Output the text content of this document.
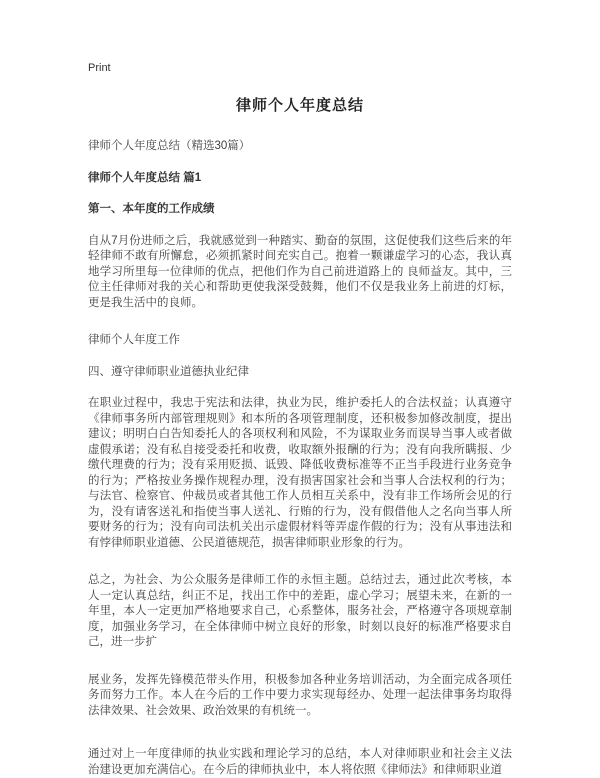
Print
律师个人年度总结

律师个人年度总结（精选30篇）

律师个人年度总结 篇1

第一、本年度的工作成绩

自从7月份进师之后，我就感觉到一种踏实、勤奋的氛围，这促使我们这些后来的年轻律师不敢有所懈怠，必须抓紧时间充实自己。抱着一颗谦虚学习的心态，我认真地学习所里每一位律师的优点，把他们作为自己前进道路上的 良师益友。其中，三位主任律师对我的关心和帮助更使我深受鼓舞，他们不仅是我业务上前进的灯标，更是我生活中的良师。

律师个人年度工作

四、遵守律师职业道德执业纪律

在职业过程中，我忠于宪法和法律，执业为民，维护委托人的合法权益；认真遵守《律师事务所内部管理规则》和本所的各项管理制度，还积极参加修改制度，提出建议；明明白白告知委托人的各项权利和风险，不为谋取业务而误导当事人或者做虚假承诺；没有私自接受委托和收费，收取额外报酬的行为；没有向我所瞒报、少缴代理费的行为；没有采用贬损、诋毁、降低收费标准等不正当手段进行业务竞争的行为；严格按业务操作规程办理，没有损害国家社会和当事人合法权利的行为；与法官、检察官、仲裁员或者其他工作人员相互关系中，没有非工作场所会见的行为，没有请客送礼和指使当事人送礼、行贿的行为，没有假借他人之名向当事人所要财务的行为；没有向司法机关出示虚假材料等弄虚作假的行为；没有从事违法和有悖律师职业道德、公民道德规范，损害律师职业形象的行为。

总之，为社会、为公众服务是律师工作的永恒主题。总结过去，通过此次考核，本人一定认真总结，纠正不足，找出工作中的差距，虚心学习；展望未来，在新的一年里，本人一定更加严格地要求自己，心系整体，服务社会，严格遵守各项规章制度，加强业务学习，在全体律师中树立良好的形象，时刻以良好的标准严格要求自己，进一步扩

展业务，发挥先锋模范带头作用，积极参加各种业务培训活动，为全面完成各项任务而努力工作。本人在今后的工作中要力求实现每经办、处理一起法律事务均取得法律效果、社会效果、政治效果的有机统一。

通过对上一年度律师的执业实践和理论学习的总结，本人对律师职业和社会主义法治建设更加充满信心。在今后的律师执业中，本人将依照《律师法》和律师职业道
